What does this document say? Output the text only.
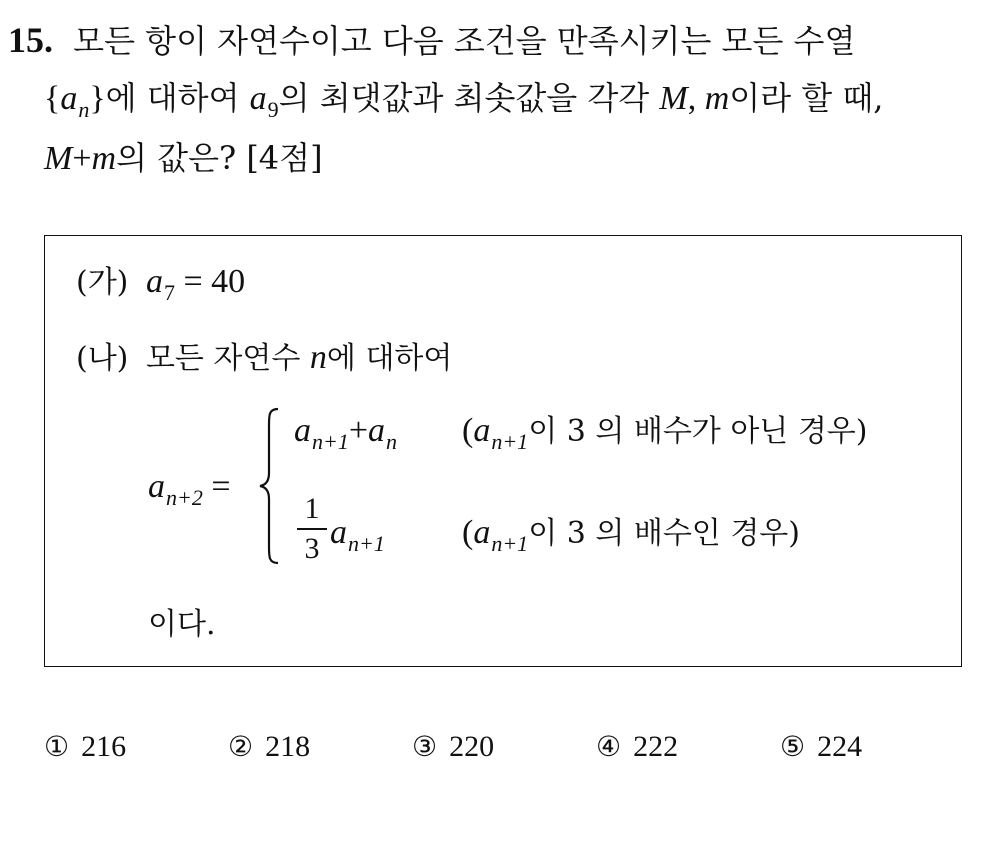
15. 모든 항이 자연수이고 다음 조건을 만족시키는 모든 수열
$\{a_n\}$에 대하여 $a_9$의 최댓값과 최솟값을 각각 M, m이라 할 때,
M+m의 값은? [4점]
(가) $a_7 = 40$
(나) 모든 자연수 n에 대하여
$a_{n+2}$ =
$a_{n+1}+a_n$ ($a_{n+1}$이 3 의 배수가 아닌 경우)
1
3 $a_{n+1}$ ($a_{n+1}$이 3 의 배수인 경우)
이다.
① 216	② 218	③ 220	④ 222	⑤ 224
